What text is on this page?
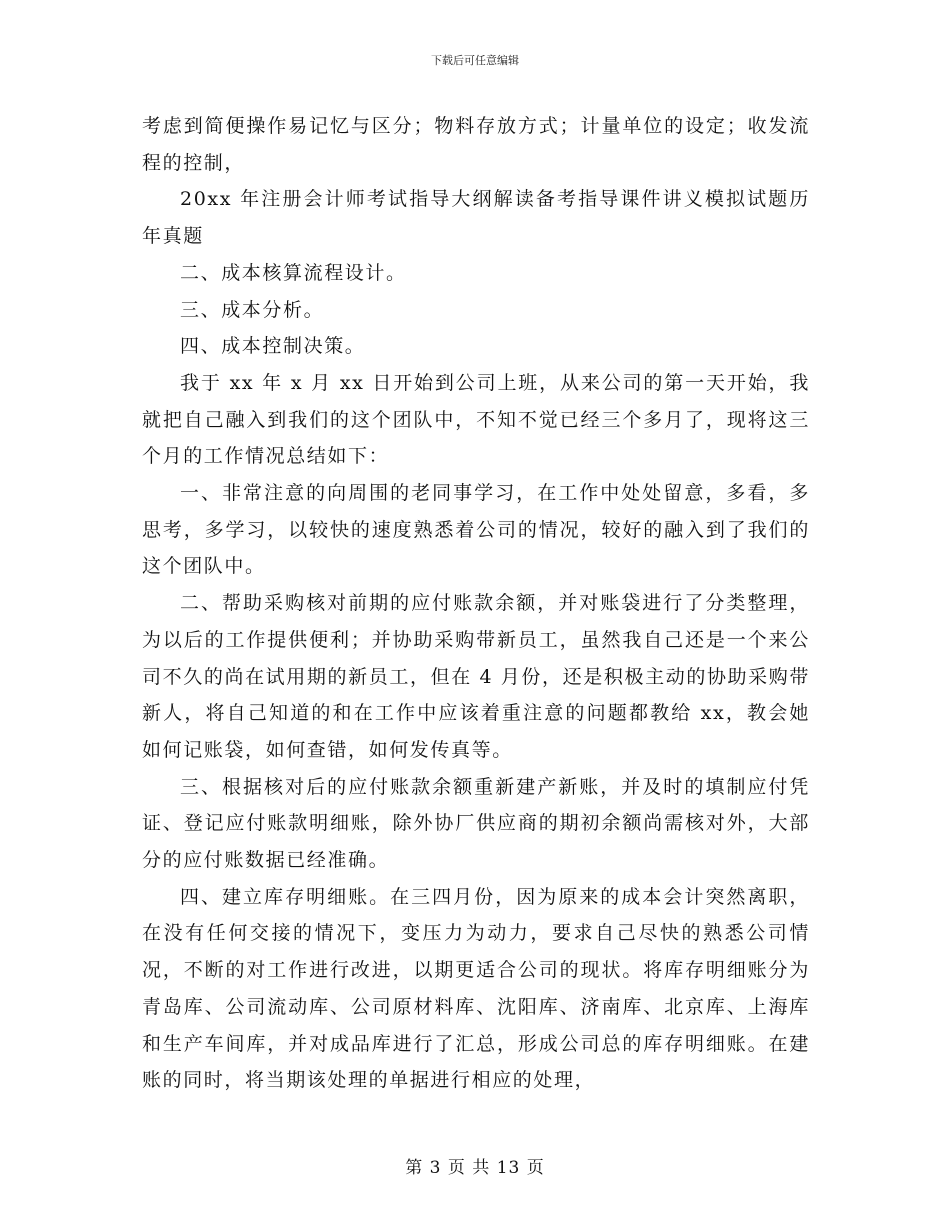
下载后可任意编辑

考虑到简便操作易记忆与区分；物料存放方式；计量单位的设定；收发流程的控制，

20xx 年注册会计师考试指导大纲解读备考指导课件讲义模拟试题历年真题

二、成本核算流程设计。

三、成本分析。

四、成本控制决策。

我于 xx 年 x 月 xx 日开始到公司上班，从来公司的第一天开始，我就把自己融入到我们的这个团队中，不知不觉已经三个多月了，现将这三个月的工作情况总结如下：

一、非常注意的向周围的老同事学习，在工作中处处留意，多看，多思考，多学习，以较快的速度熟悉着公司的情况，较好的融入到了我们的这个团队中。

二、帮助采购核对前期的应付账款余额，并对账袋进行了分类整理，为以后的工作提供便利；并协助采购带新员工，虽然我自己还是一个来公司不久的尚在试用期的新员工，但在 4 月份，还是积极主动的协助采购带新人，将自己知道的和在工作中应该着重注意的问题都教给 xx，教会她如何记账袋，如何查错，如何发传真等。

三、根据核对后的应付账款余额重新建产新账，并及时的填制应付凭证、登记应付账款明细账，除外协厂供应商的期初余额尚需核对外，大部分的应付账数据已经准确。

四、建立库存明细账。在三四月份，因为原来的成本会计突然离职，在没有任何交接的情况下，变压力为动力，要求自己尽快的熟悉公司情况，不断的对工作进行改进，以期更适合公司的现状。将库存明细账分为青岛库、公司流动库、公司原材料库、沈阳库、济南库、北京库、上海库和生产车间库，并对成品库进行了汇总，形成公司总的库存明细账。在建账的同时，将当期该处理的单据进行相应的处理，

第 3 页 共 13 页
